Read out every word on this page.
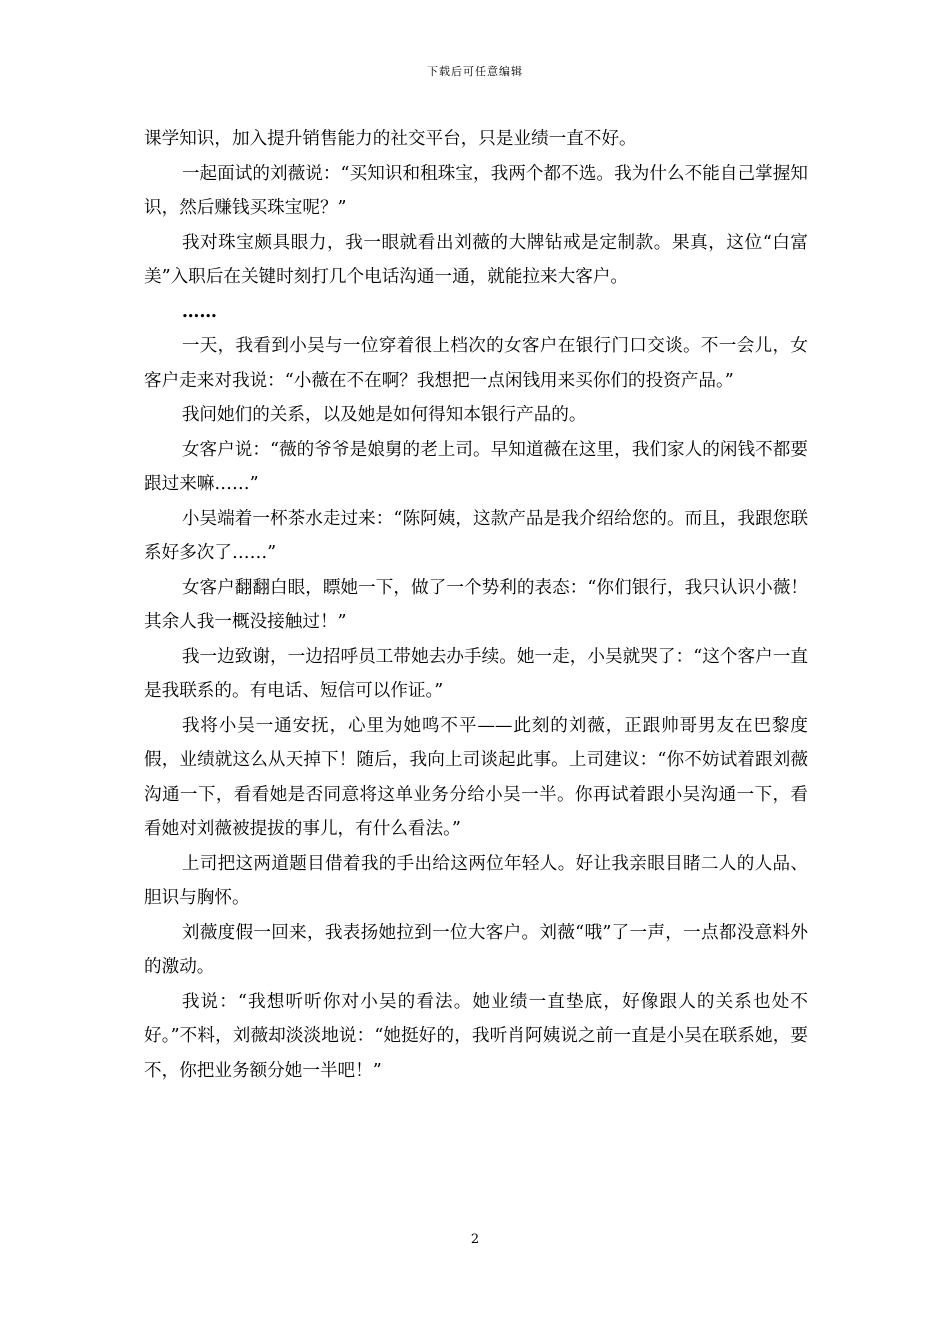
下载后可任意编辑

课学知识，加入提升销售能力的社交平台，只是业绩一直不好。

一起面试的刘薇说：“买知识和租珠宝，我两个都不选。我为什么不能自己掌握知识，然后赚钱买珠宝呢？”

我对珠宝颇具眼力，我一眼就看出刘薇的大牌钻戒是定制款。果真，这位“白富美”入职后在关键时刻打几个电话沟通一通，就能拉来大客户。

……

一天，我看到小吴与一位穿着很上档次的女客户在银行门口交谈。不一会儿，女客户走来对我说：“小薇在不在啊？我想把一点闲钱用来买你们的投资产品。”

我问她们的关系，以及她是如何得知本银行产品的。

女客户说：“薇的爷爷是娘舅的老上司。早知道薇在这里，我们家人的闲钱不都要跟过来嘛……”

小吴端着一杯茶水走过来：“陈阿姨，这款产品是我介绍给您的。而且，我跟您联系好多次了……”

女客户翻翻白眼，瞟她一下，做了一个势利的表态：“你们银行，我只认识小薇！其余人我一概没接触过！”

我一边致谢，一边招呼员工带她去办手续。她一走，小吴就哭了：“这个客户一直是我联系的。有电话、短信可以作证。”

我将小吴一通安抚，心里为她鸣不平——此刻的刘薇，正跟帅哥男友在巴黎度假，业绩就这么从天掉下！随后，我向上司谈起此事。上司建议：“你不妨试着跟刘薇沟通一下，看看她是否同意将这单业务分给小吴一半。你再试着跟小吴沟通一下，看看她对刘薇被提拔的事儿，有什么看法。”

上司把这两道题目借着我的手出给这两位年轻人。好让我亲眼目睹二人的人品、胆识与胸怀。

刘薇度假一回来，我表扬她拉到一位大客户。刘薇“哦”了一声，一点都没意料外的激动。

我说：“我想听听你对小吴的看法。她业绩一直垫底，好像跟人的关系也处不好。”不料，刘薇却淡淡地说：“她挺好的，我听肖阿姨说之前一直是小吴在联系她，要不，你把业务额分她一半吧！”

2
